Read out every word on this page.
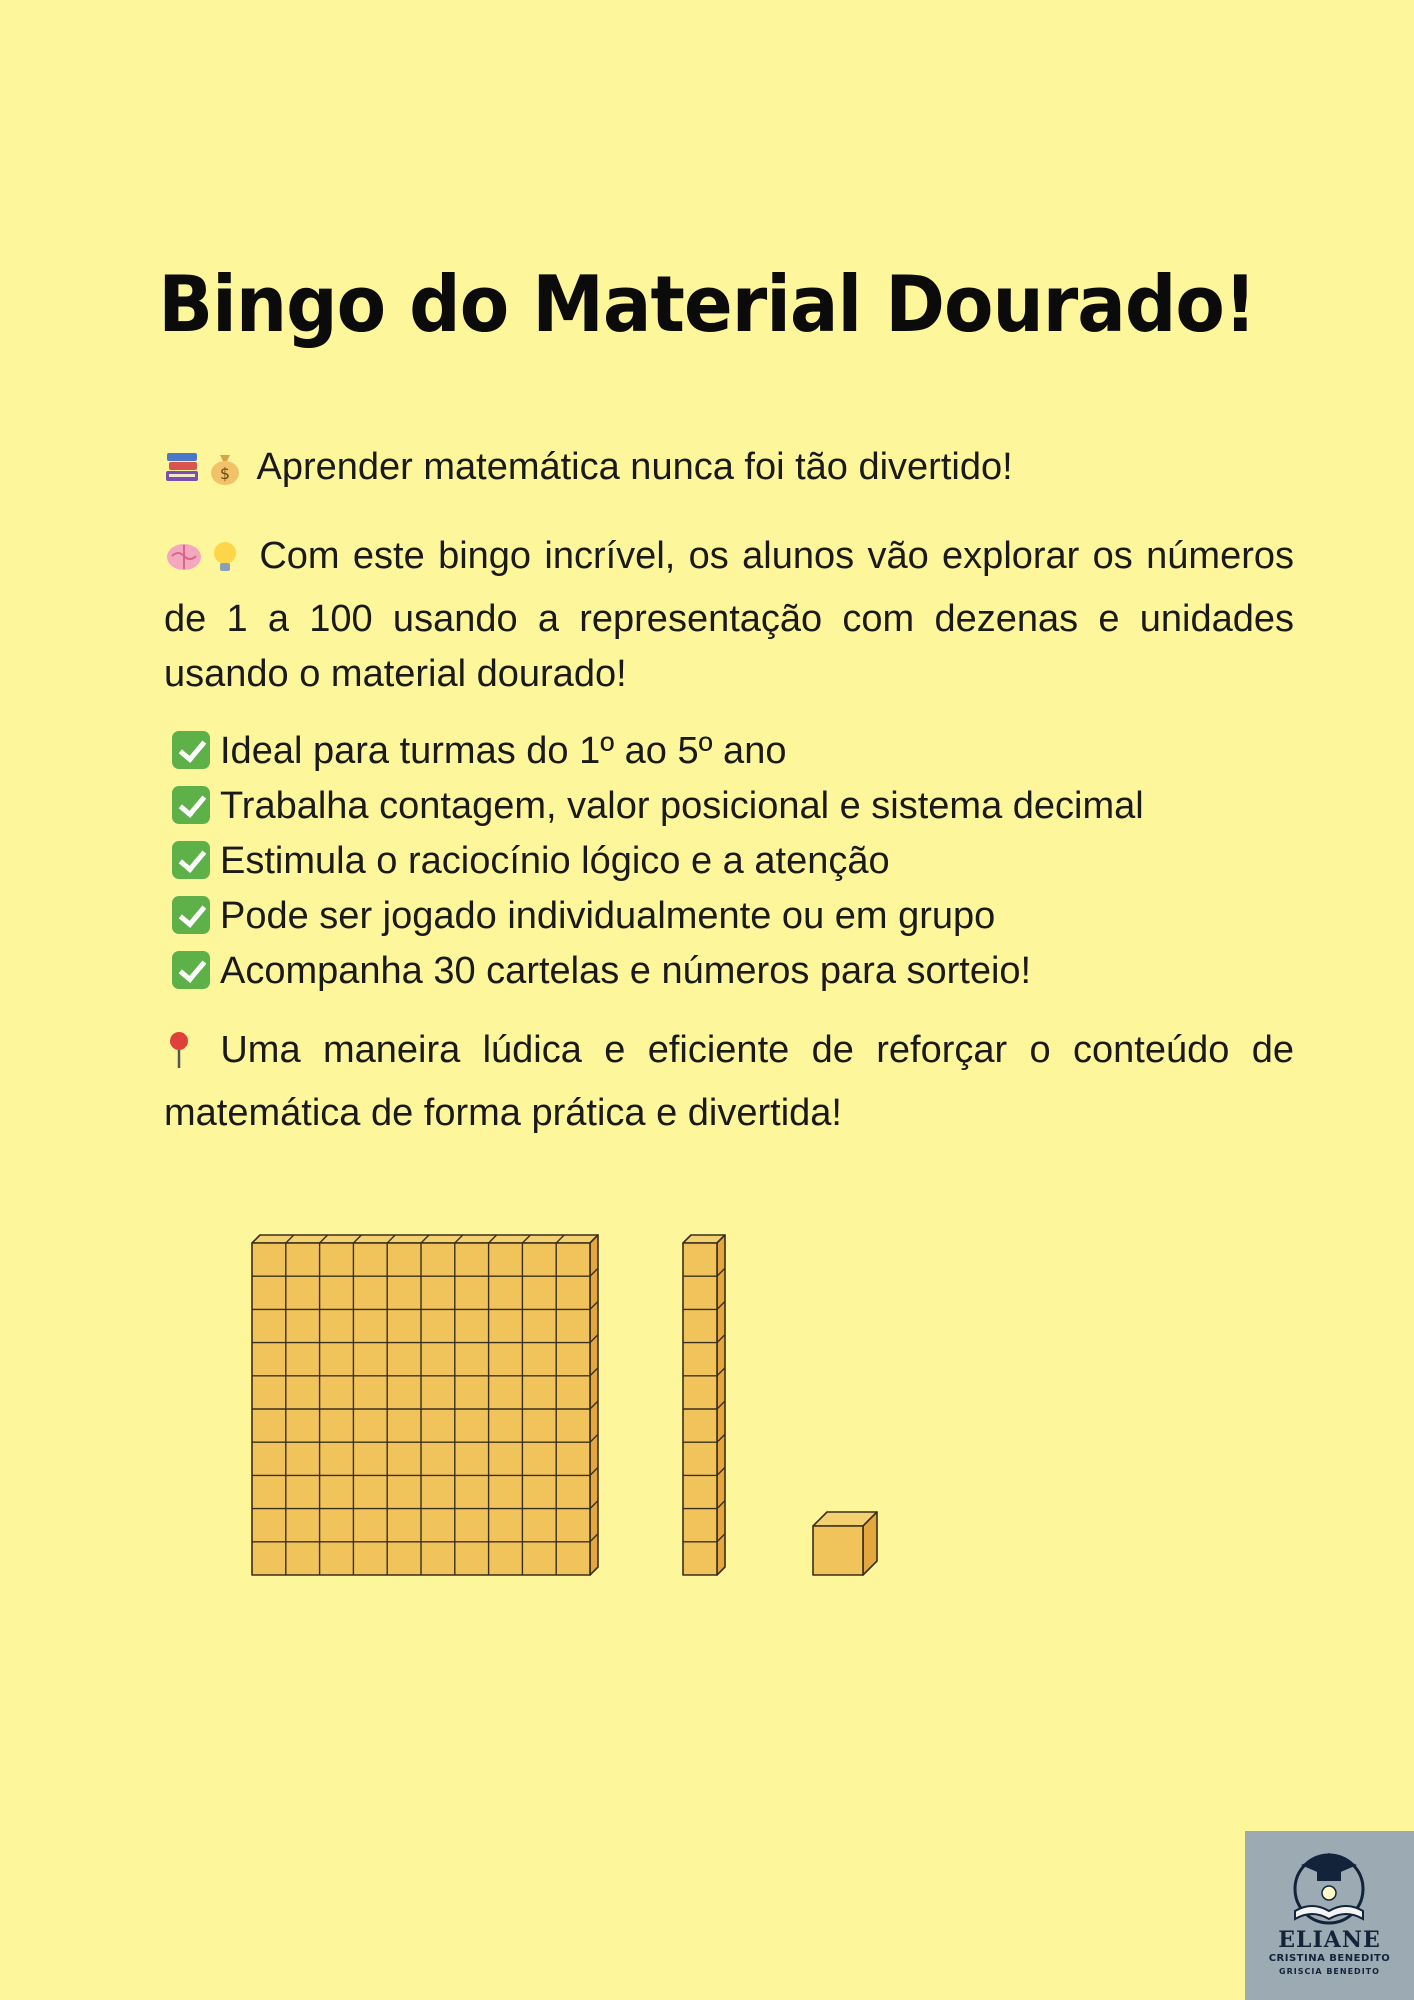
Bingo do Material Dourado!

$ Aprender matemática nunca foi tão divertido!

Com este bingo incrível, os alunos vão explorar os números de 1 a 100 usando a representação com dezenas e unidades usando o material dourado!

Ideal para turmas do 1º ao 5º ano
Trabalha contagem, valor posicional e sistema decimal
Estimula o raciocínio lógico e a atenção
Pode ser jogado individualmente ou em grupo
Acompanha 30 cartelas e números para sorteio!

Uma maneira lúdica e eficiente de reforçar o conteúdo de matemática de forma prática e divertida!

ELIANE
CRISTINA BENEDITO
GRISCIA BENEDITO
